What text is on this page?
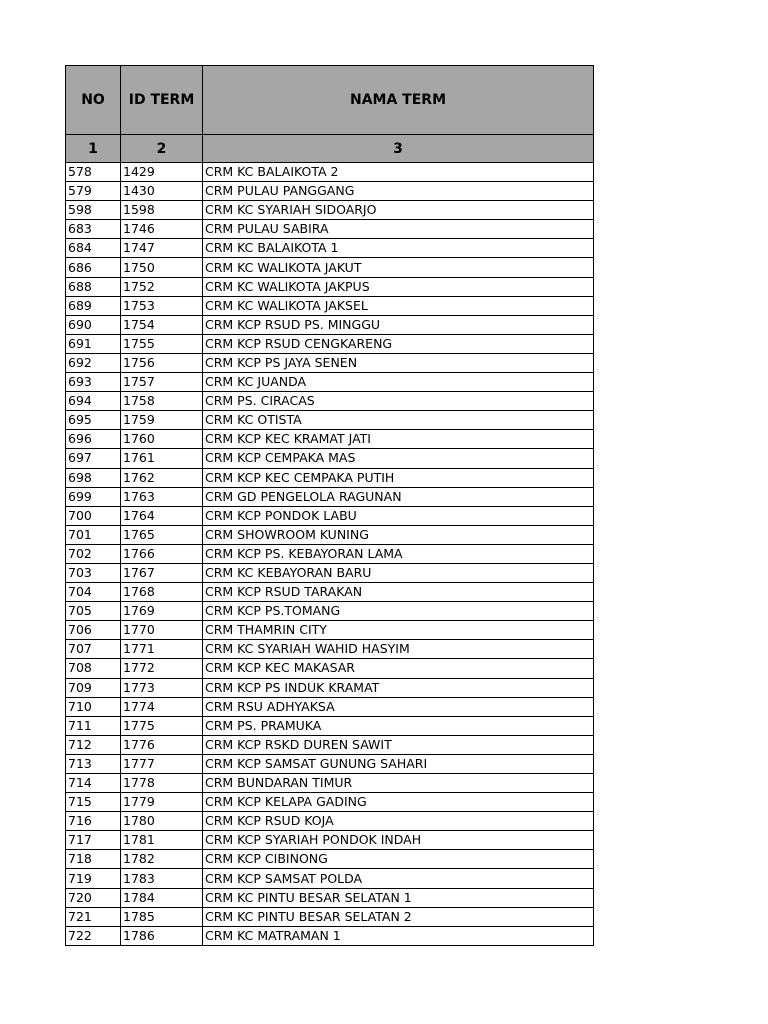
NO	ID TERM	NAMA TERM
1	2	3
578	1429	CRM KC BALAIKOTA 2
579	1430	CRM PULAU PANGGANG
598	1598	CRM KC SYARIAH SIDOARJO
683	1746	CRM PULAU SABIRA
684	1747	CRM KC BALAIKOTA 1
686	1750	CRM KC WALIKOTA JAKUT
688	1752	CRM KC WALIKOTA JAKPUS
689	1753	CRM KC WALIKOTA JAKSEL
690	1754	CRM KCP RSUD PS. MINGGU
691	1755	CRM KCP RSUD CENGKARENG
692	1756	CRM KCP PS JAYA SENEN
693	1757	CRM KC JUANDA
694	1758	CRM PS. CIRACAS
695	1759	CRM KC OTISTA
696	1760	CRM KCP KEC KRAMAT JATI
697	1761	CRM KCP CEMPAKA MAS
698	1762	CRM KCP KEC CEMPAKA PUTIH
699	1763	CRM GD PENGELOLA RAGUNAN
700	1764	CRM KCP PONDOK LABU
701	1765	CRM SHOWROOM KUNING
702	1766	CRM KCP PS. KEBAYORAN LAMA
703	1767	CRM KC KEBAYORAN BARU
704	1768	CRM KCP RSUD TARAKAN
705	1769	CRM KCP PS.TOMANG
706	1770	CRM THAMRIN CITY
707	1771	CRM KC SYARIAH WAHID HASYIM
708	1772	CRM KCP KEC MAKASAR
709	1773	CRM KCP PS INDUK KRAMAT
710	1774	CRM RSU ADHYAKSA
711	1775	CRM PS. PRAMUKA
712	1776	CRM KCP RSKD DUREN SAWIT
713	1777	CRM KCP SAMSAT GUNUNG SAHARI
714	1778	CRM BUNDARAN TIMUR
715	1779	CRM KCP KELAPA GADING
716	1780	CRM KCP RSUD KOJA
717	1781	CRM KCP SYARIAH PONDOK INDAH
718	1782	CRM KCP CIBINONG
719	1783	CRM KCP SAMSAT POLDA
720	1784	CRM KC PINTU BESAR SELATAN 1
721	1785	CRM KC PINTU BESAR SELATAN 2
722	1786	CRM KC MATRAMAN 1
